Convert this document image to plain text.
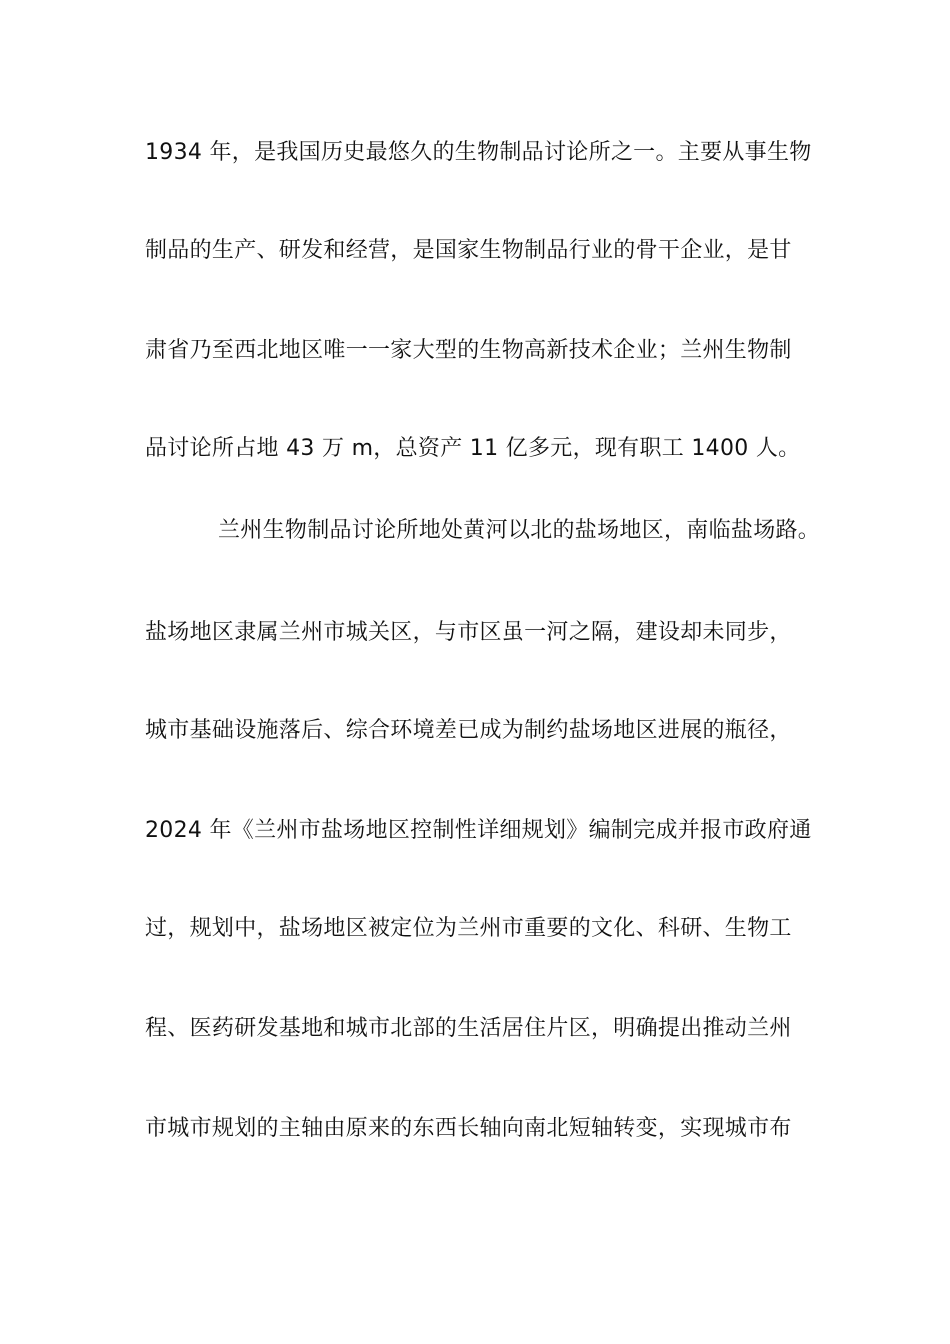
1934 年，是我国历史最悠久的生物制品讨论所之一。主要从事生物
制品的生产、研发和经营，是国家生物制品行业的骨干企业，是甘
肃省乃至西北地区唯一一家大型的生物高新技术企业；兰州生物制
品讨论所占地 43 万 m，总资产 11 亿多元，现有职工 1400 人。
兰州生物制品讨论所地处黄河以北的盐场地区，南临盐场路。
盐场地区隶属兰州市城关区，与市区虽一河之隔，建设却未同步，
城市基础设施落后、综合环境差已成为制约盐场地区进展的瓶径，
2024 年《兰州市盐场地区控制性详细规划》编制完成并报市政府通
过，规划中，盐场地区被定位为兰州市重要的文化、科研、生物工
程、医药研发基地和城市北部的生活居住片区，明确提出推动兰州
市城市规划的主轴由原来的东西长轴向南北短轴转变，实现城市布
